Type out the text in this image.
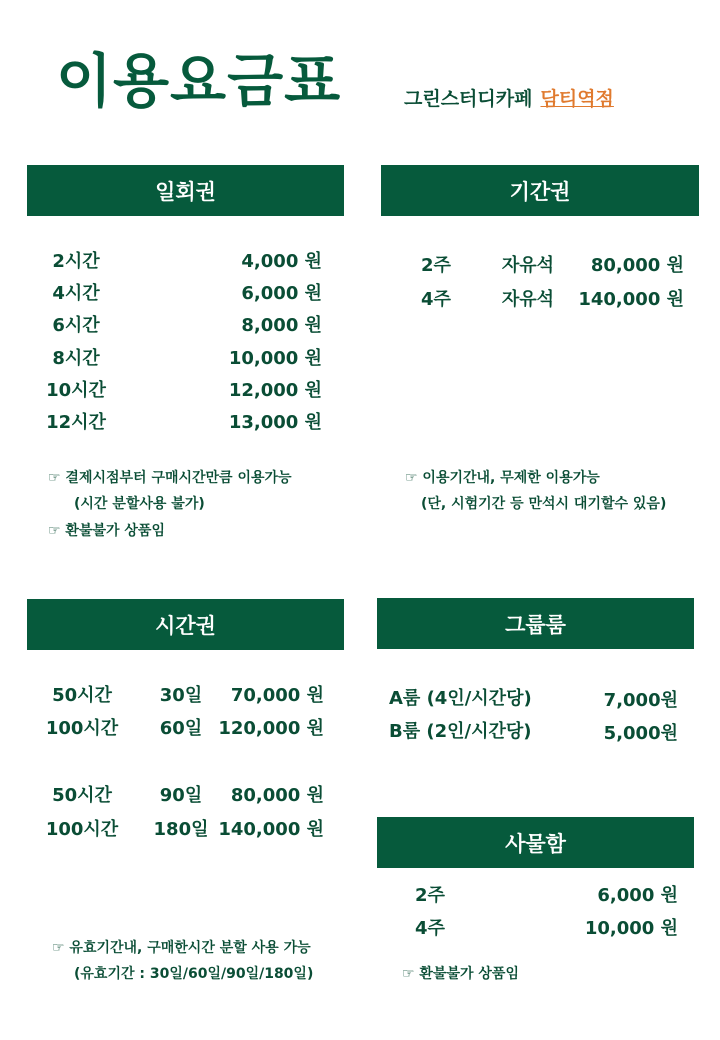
이용요금표	그린스터디카페 담티역점
일회권
2시간	4,000 원
4시간	6,000 원
6시간	8,000 원
8시간	10,000 원
10시간	12,000 원
12시간	13,000 원
☞ 결제시점부터 구매시간만큼 이용가능
(시간 분할사용 불가)
☞ 환불불가 상품임
기간권
2주	자유석	80,000 원
4주	자유석	140,000 원
☞ 이용기간내, 무제한 이용가능
(단, 시험기간 등 만석시 대기할수 있음)
시간권
50시간	30일	70,000 원
100시간	60일 120,000 원
50시간	90일	80,000 원
100시간	180일 140,000 원
☞ 유효기간내, 구매한시간 분할 사용 가능
(유효기간 : 30일/60일/90일/180일)
그룹룸
A룸 (4인/시간당)	7,000원
B룸 (2인/시간당)	5,000원
사물함
2주	6,000 원
4주	10,000 원
☞ 환불불가 상품임
